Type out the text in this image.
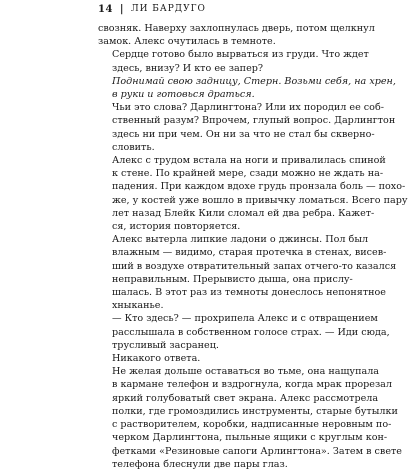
14 | ЛИ БАРДУГО

свозняк. Наверху захлопнулась дверь, потом щелкнул
замок. Алекс очутилась в темноте.

Сердце готово было вырваться из груди. Что ждет
здесь, внизу? И кто ее запер?

Поднимай свою задницу, Стерн. Возьми себя, на хрен,
в руки и готовься драться.

Чьи это слова? Дарлингтона? Или их породил ее соб-
ственный разум? Впрочем, глупый вопрос. Дарлингтон
здесь ни при чем. Он ни за что не стал бы скверно-
словить.

Алекс с трудом встала на ноги и привалилась спиной
к стене. По крайней мере, сзади можно не ждать на-
падения. При каждом вдохе грудь пронзала боль — похо-
же, у костей уже вошло в привычку ломаться. Всего пару
лет назад Блейк Кили сломал ей два ребра. Кажет-
ся, история повторяется.

Алекс вытерла липкие ладони о джинсы. Пол был
влажным — видимо, старая протечка в стенах, висев-
ший в воздухе отвратительный запах отчего-то казался
неправильным. Прерывисто дыша, она прислу-
шалась. В этот раз из темноты донеслось непонятное
хныканье.

— Кто здесь? — прохрипела Алекс и с отвращением
расслышала в собственном голосе страх. — Иди сюда,
трусливый засранец.

Никакого ответа.

Не желая дольше оставаться во тьме, она нащупала
в кармане телефон и вздрогнула, когда мрак прорезал
яркий голубоватый свет экрана. Алекс рассмотрела
полки, где громоздились инструменты, старые бутылки
с растворителем, коробки, надписанные неровным по-
черком Дарлингтона, пыльные ящики с круглым кон-
фетками «Резиновые сапоги Арлингтона». Затем в свете
телефона блеснули две пары глаз.
